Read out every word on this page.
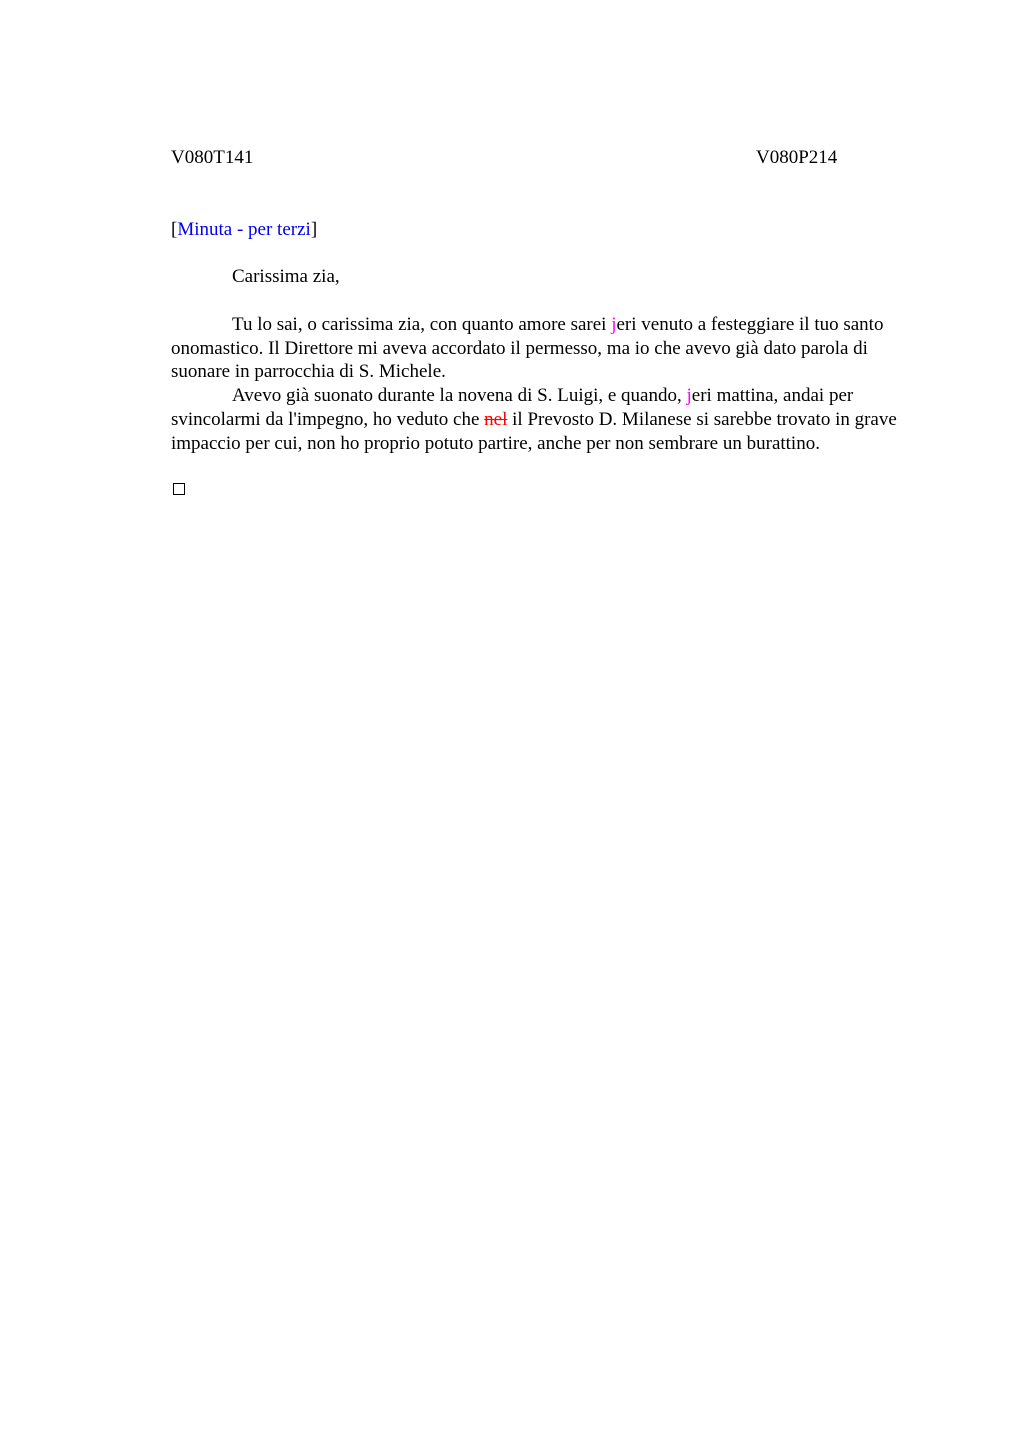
V080T141	V080P214
[Minuta - per terzi]
Carissima zia,

Tu lo sai, o carissima zia, con quanto amore sarei jeri venuto a festeggiare il tuo santo onomastico. Il Direttore mi aveva accordato il permesso, ma io che avevo già dato parola di suonare in parrocchia di S. Michele.

Avevo già suonato durante la novena di S. Luigi, e quando, jeri mattina, andai per svincolarmi da l'impegno, ho veduto che nel il Prevosto D. Milanese si sarebbe trovato in grave impaccio per cui, non ho proprio potuto partire, anche per non sembrare un burattino.
